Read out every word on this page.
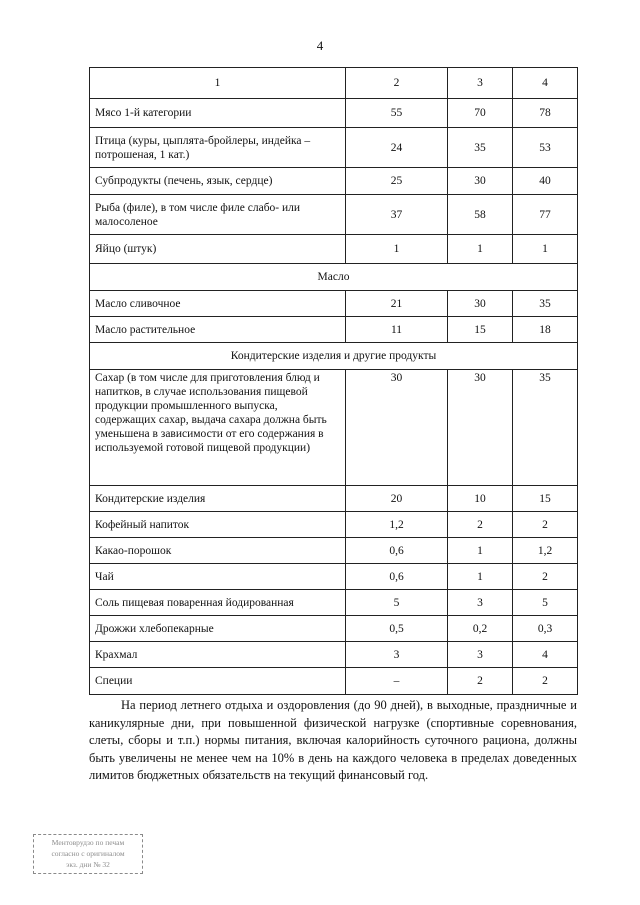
4
1	2	3	4
Мясо 1-й категории	55	70	78
Птица (куры, цыплята-бройлеры, индейка – потрошеная, 1 кат.)	24	35	53
Субпродукты (печень, язык, сердце)	25	30	40
Рыба (филе), в том числе филе слабо- или малосоленое	37	58	77
Яйцо (штук)	1	1	1
Масло			
Масло сливочное	21	30	35
Масло растительное	11	15	18
Кондитерские изделия и другие продукты			
Сахар (в том числе для приготовления блюд и напитков, в случае использования пищевой продукции промышленного выпуска, содержащих сахар, выдача сахара должна быть уменьшена в зависимости от его содержания в используемой готовой пищевой продукции)	30	30	35
Кондитерские изделия	20	10	15
Кофейный напиток	1,2	2	2
Какао-порошок	0,6	1	1,2
Чай	0,6	1	2
Соль пищевая поваренная йодированная	5	3	5
Дрожжи хлебопекарные	0,5	0,2	0,3
Крахмал	3	3	4
Специи	–	2	2

На период летнего отдыха и оздоровления (до 90 дней), в выходные, праздничные и каникулярные дни, при повышенной физической нагрузке (спортивные соревнования, слеты, сборы и т.п.) нормы питания, включая калорийность суточного рациона, должны быть увеличены не менее чем на 10% в день на каждого человека в пределах доведенных лимитов бюджетных обязательств на текущий финансовый год.

Ментоврудзо по печам
согласно с оригиналом
экз. дни № 32
